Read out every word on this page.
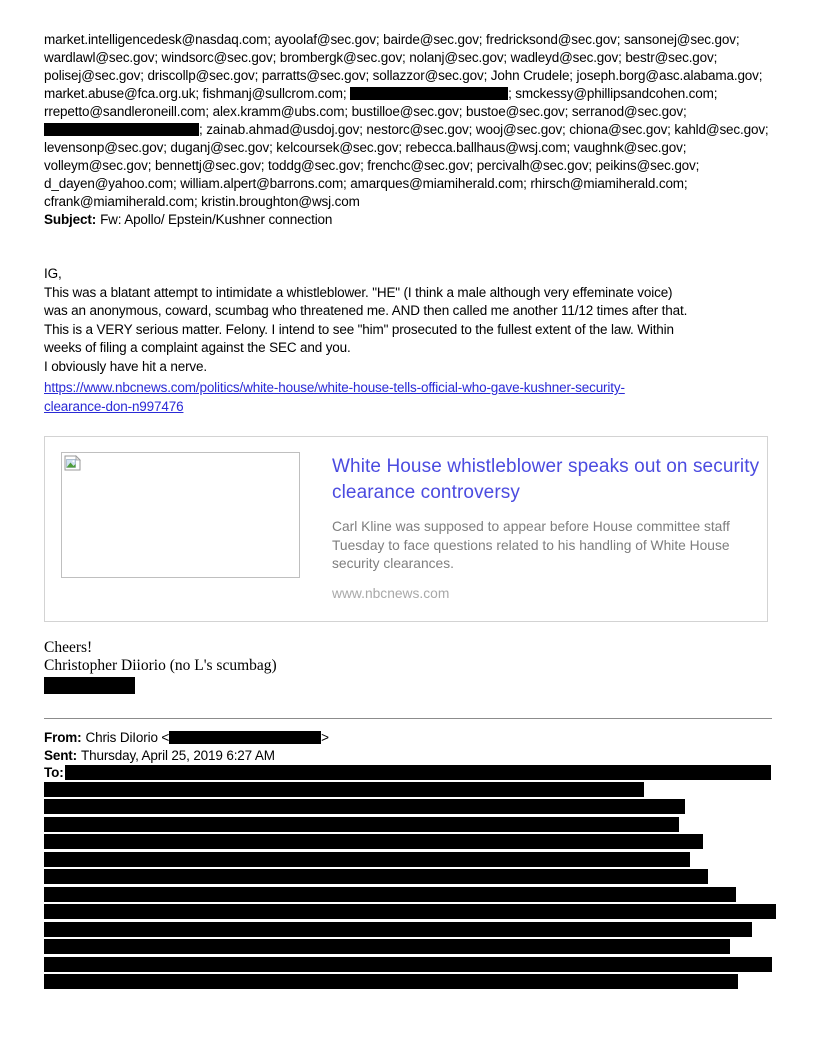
market.intelligencedesk@nasdaq.com; ayoolaf@sec.gov; bairde@sec.gov; fredricksond@sec.gov; sansonej@sec.gov;
wardlawl@sec.gov; windsorc@sec.gov; brombergk@sec.gov; nolanj@sec.gov; wadleyd@sec.gov; bestr@sec.gov;
polisej@sec.gov; driscollp@sec.gov; parratts@sec.gov; sollazzor@sec.gov; John Crudele; joseph.borg@asc.alabama.gov;
market.abuse@fca.org.uk; fishmanj@sullcrom.com;	; smckessy@phillipsandcohen.com;
rrepetto@sandleroneill.com; alex.kramm@ubs.com; bustilloe@sec.gov; bustoe@sec.gov; serranod@sec.gov;
; zainab.ahmad@usdoj.gov; nestorc@sec.gov; wooj@sec.gov; chiona@sec.gov; kahld@sec.gov;
levensonp@sec.gov; duganj@sec.gov; kelcoursek@sec.gov; rebecca.ballhaus@wsj.com; vaughnk@sec.gov;
volleym@sec.gov; bennettj@sec.gov; toddg@sec.gov; frenchc@sec.gov; percivalh@sec.gov; peikins@sec.gov;
d_dayen@yahoo.com; william.alpert@barrons.com; amarques@miamiherald.com; rhirsch@miamiherald.com;
cfrank@miamiherald.com; kristin.broughton@wsj.com
Subject: Fw: Apollo/ Epstein/Kushner connection
IG,
This was a blatant attempt to intimidate a whistleblower. "HE" (I think a male although very effeminate voice)
was an anonymous, coward, scumbag who threatened me. AND then called me another 11/12 times after that.
This is a VERY serious matter. Felony. I intend to see "him" prosecuted to the fullest extent of the law. Within
weeks of filing a complaint against the SEC and you.
I obviously have hit a nerve.
https://www.nbcnews.com/politics/white-house/white-house-tells-official-who-gave-kushner-security-
clearance-don-n997476
White House whistleblower speaks out on security clearance controversy
Carl Kline was supposed to appear before House committee staff Tuesday to face questions related to his handling of White House security clearances.
www.nbcnews.com
Cheers!
Christopher Diiorio (no L's scumbag)
From: Chris DiIorio <	>
Sent: Thursday, April 25, 2019 6:27 AM
To:
